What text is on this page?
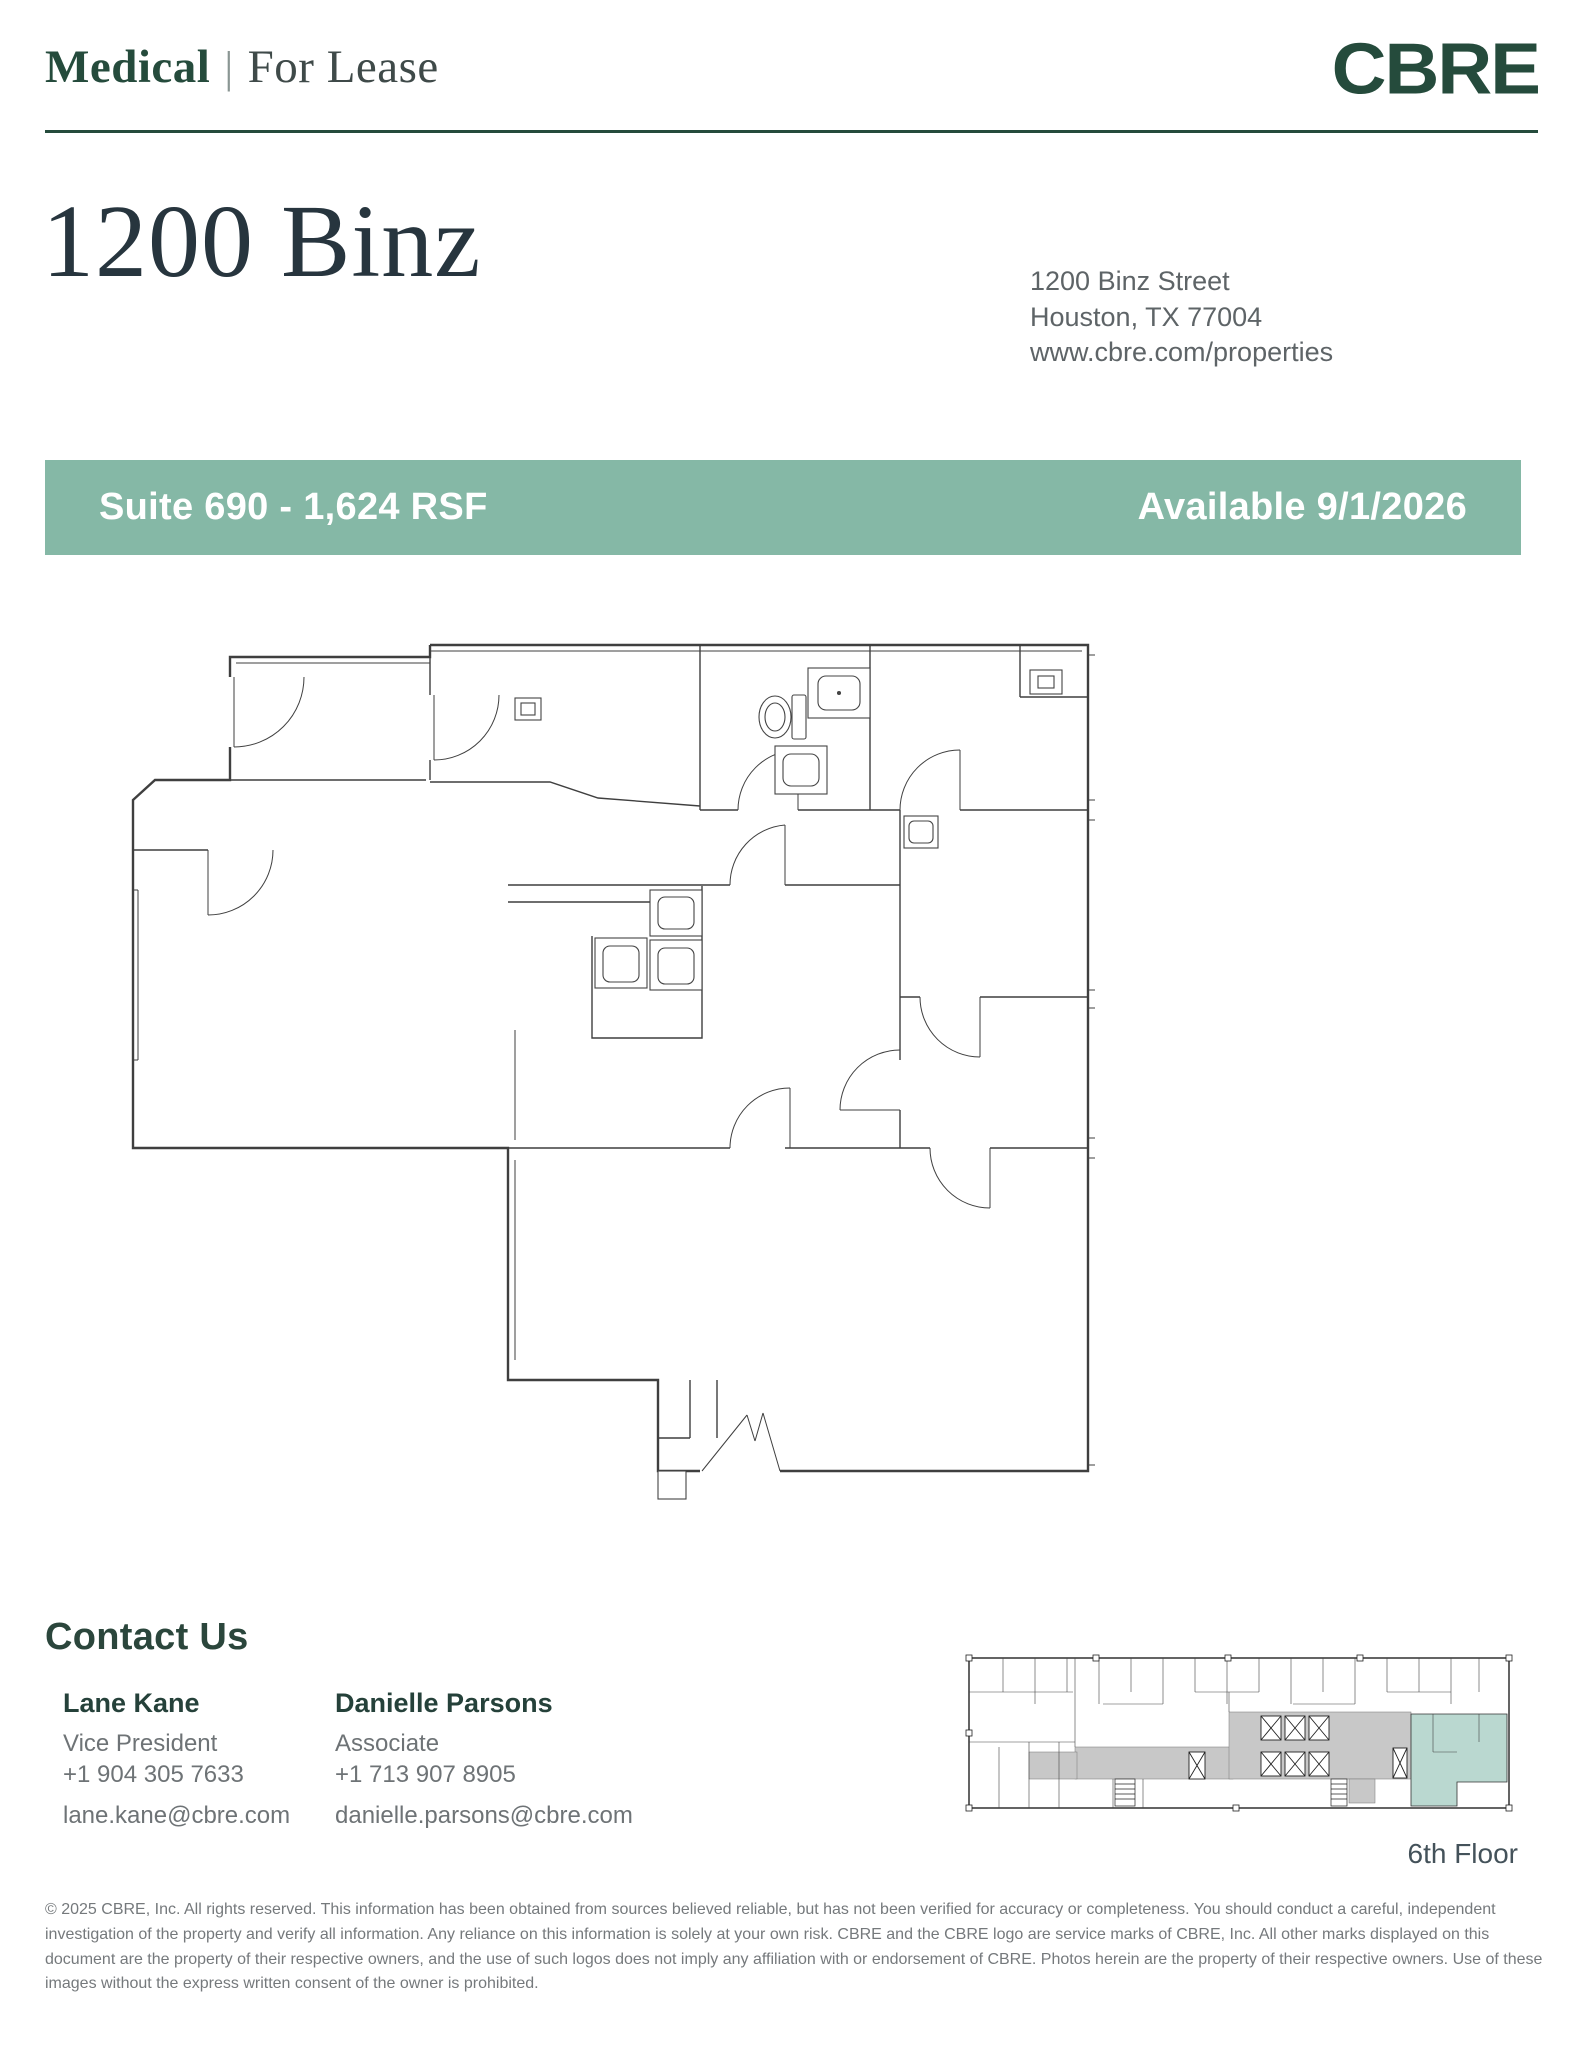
Medical | For Lease	CBRE
1200 Binz	1200 Binz Street
Houston, TX 77004
www.cbre.com/properties
Suite 690 - 1,624 RSF	Available 9/1/2026
Contact Us
Lane Kane
Vice President
+1 904 305 7633
lane.kane@cbre.com
Danielle Parsons
Associate
+1 713 907 8905
danielle.parsons@cbre.com
6th Floor
© 2025 CBRE, Inc. All rights reserved. This information has been obtained from sources believed reliable, but has not been verified for accuracy or completeness. You should conduct a careful, independent investigation of the property and verify all information. Any reliance on this information is solely at your own risk. CBRE and the CBRE logo are service marks of CBRE, Inc. All other marks displayed on this document are the property of their respective owners, and the use of such logos does not imply any affiliation with or endorsement of CBRE. Photos herein are the property of their respective owners. Use of these images without the express written consent of the owner is prohibited.
